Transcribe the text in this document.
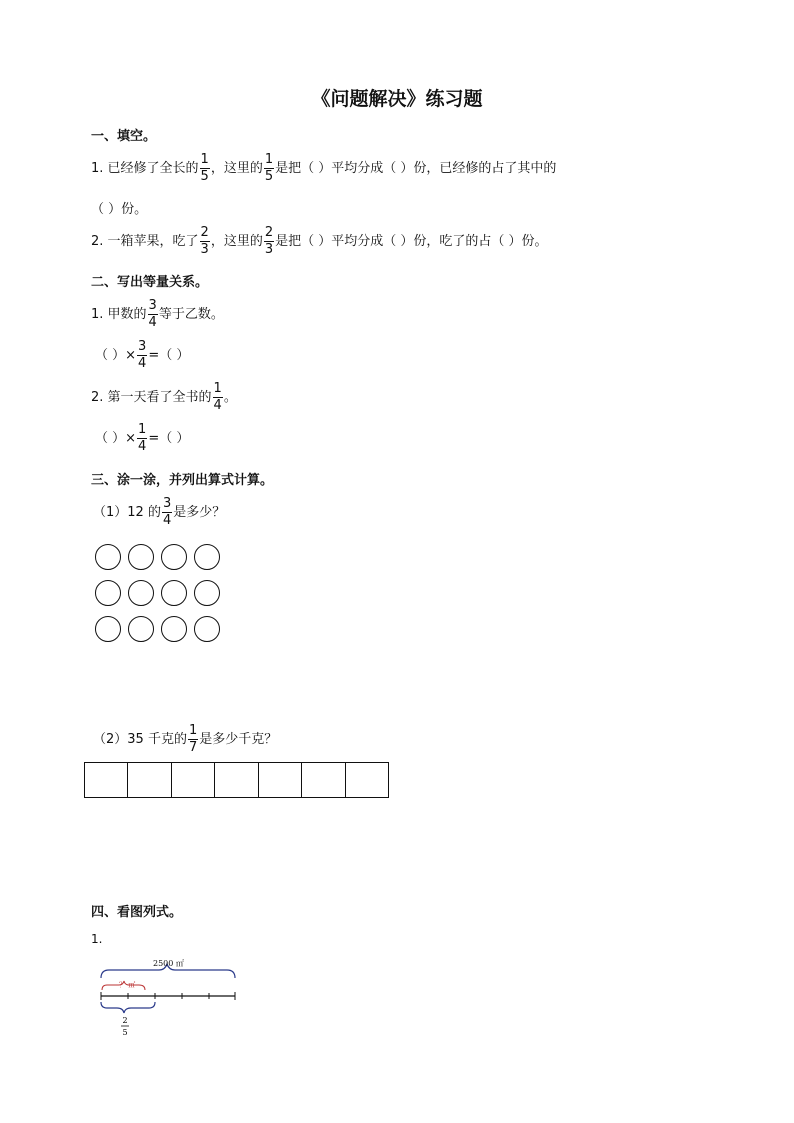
《问题解决》练习题
一、填空。
1. 已经修了全长的 $\frac{1}{5}$ ，这里的 $\frac{1}{5}$ 是把（ ）平均分成（ ）份，已经修的占了其中的
（ ）份。
2. 一箱苹果，吃了 $\frac{2}{3}$ ，这里的 $\frac{2}{3}$ 是把（ ）平均分成（ ）份，吃了的占（ ）份。
二、写出等量关系。
1. 甲数的 $\frac{3}{4}$ 等于乙数。
（ ）× $\frac{3}{4}$ =（ ）
2. 第一天看了全书的 $\frac{1}{4}$ 。
（ ）× $\frac{1}{4}$ =（ ）
三、涂一涂，并列出算式计算。
（1）12 的 $\frac{3}{4}$ 是多少？
（2）35 千克的 $\frac{1}{7}$ 是多少千克？
四、看图列式。
1.
2500 ㎡
？ ㎡
2
5
